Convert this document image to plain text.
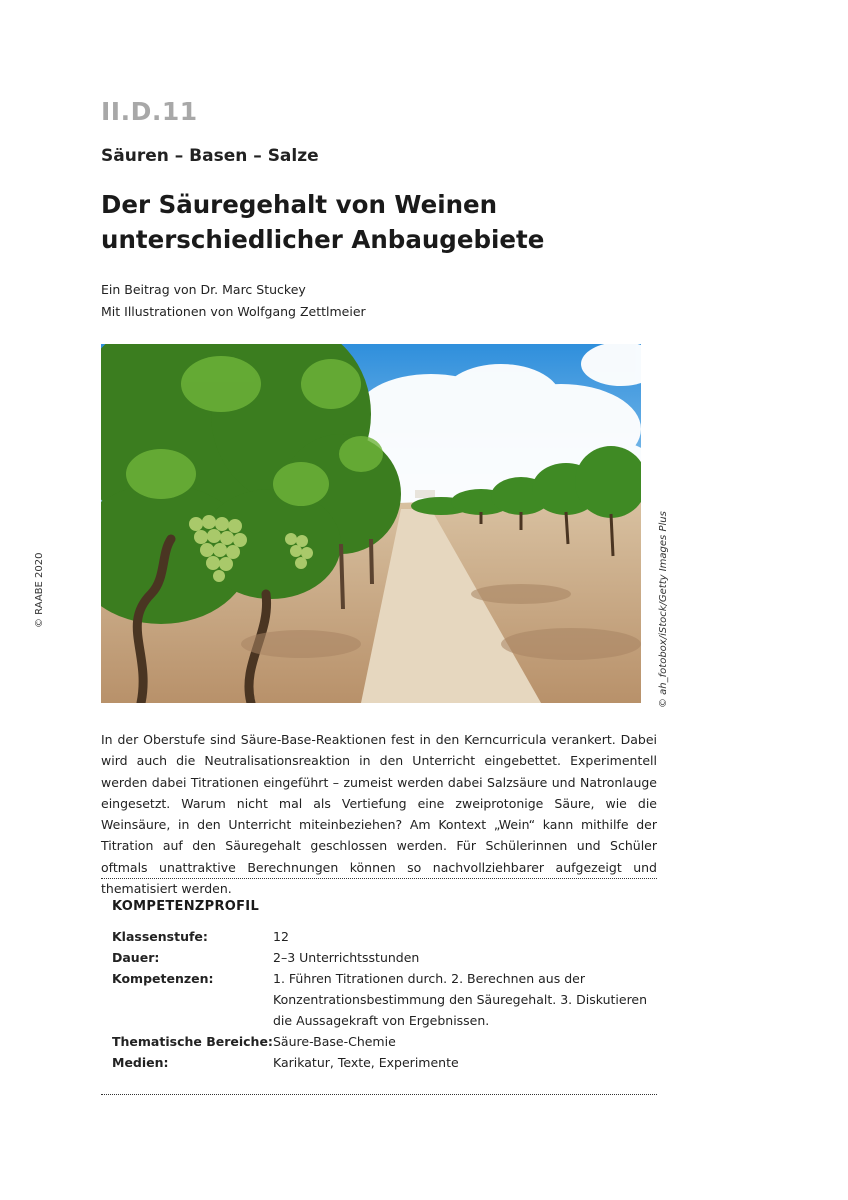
II.D.11
Säuren – Basen – Salze
Der Säuregehalt von Weinen
unterschiedlicher Anbaugebiete
Ein Beitrag von Dr. Marc Stuckey
Mit Illustrationen von Wolfgang Zettlmeier
© RAABE 2020	© ah_fotobox/iStock/Getty Images Plus

In der Oberstufe sind Säure-Base-Reaktionen fest in den Kerncurricula verankert. Dabei wird auch die Neutralisationsreaktion in den Unterricht eingebettet. Experimentell werden dabei Titrationen eingeführt – zumeist werden dabei Salzsäure und Natronlauge eingesetzt. Warum nicht mal als Vertiefung eine zweiprotonige Säure, wie die Weinsäure, in den Unterricht miteinbeziehen? Am Kontext „Wein“ kann mithilfe der Titration auf den Säuregehalt geschlossen werden. Für Schülerinnen und Schüler oftmals unattraktive Berechnungen können so nachvollziehbarer aufgezeigt und thematisiert werden.

KOMPETENZPROFIL
Klassenstufe:	12
Dauer:	2–3 Unterrichtsstunden
Kompetenzen:	1. Führen Titrationen durch. 2. Berechnen aus der Konzentrationsbestimmung den Säuregehalt. 3. Diskutieren die Aussagekraft von Ergebnissen.
Thematische Bereiche:	Säure-Base-Chemie
Medien:	Karikatur, Texte, Experimente
